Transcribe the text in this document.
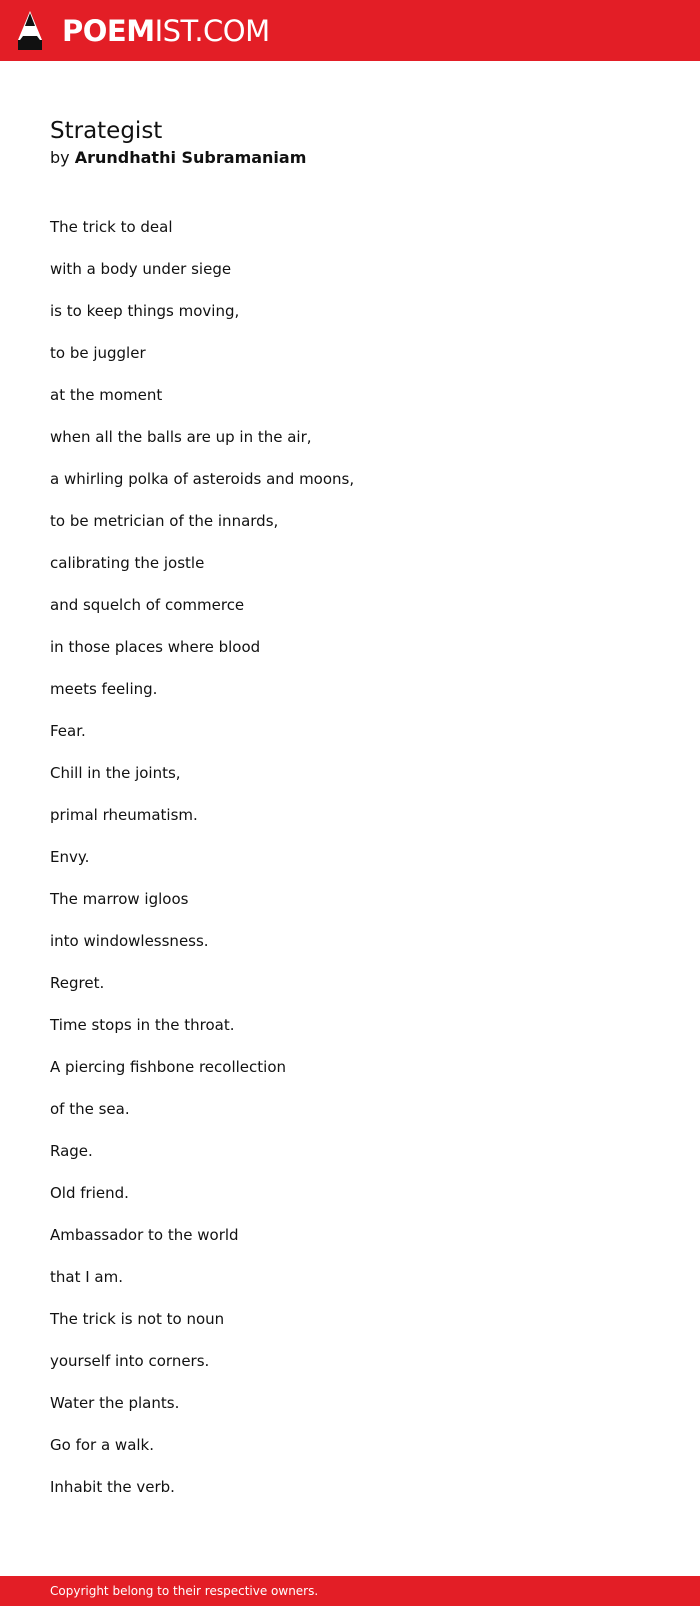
POEM IST.COM
Strategist
by Arundhathi Subramaniam
The trick to deal
with a body under siege
is to keep things moving,
to be juggler
at the moment
when all the balls are up in the air,
a whirling polka of asteroids and moons,
to be metrician of the innards,
calibrating the jostle
and squelch of commerce
in those places where blood
meets feeling.
Fear.
Chill in the joints,
primal rheumatism.
Envy.
The marrow igloos
into windowlessness.
Regret.
Time stops in the throat.
A piercing fishbone recollection
of the sea.
Rage.
Old friend.
Ambassador to the world
that I am.
The trick is not to noun
yourself into corners.
Water the plants.
Go for a walk.
Inhabit the verb.
Copyright belong to their respective owners.
